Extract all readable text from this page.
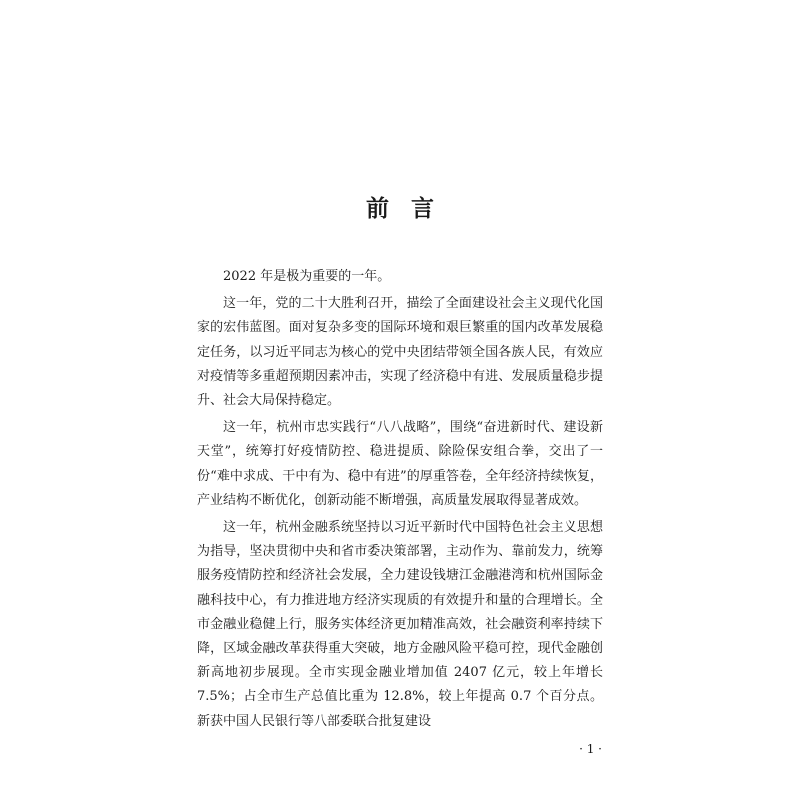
前 言

2022 年是极为重要的一年。

这一年，党的二十大胜利召开，描绘了全面建设社会主义现代化国家的宏伟蓝图。面对复杂多变的国际环境和艰巨繁重的国内改革发展稳定任务，以习近平同志为核心的党中央团结带领全国各族人民，有效应对疫情等多重超预期因素冲击，实现了经济稳中有进、发展质量稳步提升、社会大局保持稳定。

这一年，杭州市忠实践行“八八战略”，围绕“奋进新时代、建设新天堂”，统筹打好疫情防控、稳进提质、除险保安组合拳，交出了一份“难中求成、干中有为、稳中有进”的厚重答卷，全年经济持续恢复，产业结构不断优化，创新动能不断增强，高质量发展取得显著成效。

这一年，杭州金融系统坚持以习近平新时代中国特色社会主义思想为指导，坚决贯彻中央和省市委决策部署，主动作为、靠前发力，统筹服务疫情防控和经济社会发展，全力建设钱塘江金融港湾和杭州国际金融科技中心，有力推进地方经济实现质的有效提升和量的合理增长。全市金融业稳健上行，服务实体经济更加精准高效，社会融资利率持续下降，区域金融改革获得重大突破，地方金融风险平稳可控，现代金融创新高地初步展现。全市实现金融业增加值 2407 亿元，较上年增长 7.5%；占全市生产总值比重为 12.8%，较上年提高 0.7 个百分点。新获中国人民银行等八部委联合批复建设

· 1 ·
